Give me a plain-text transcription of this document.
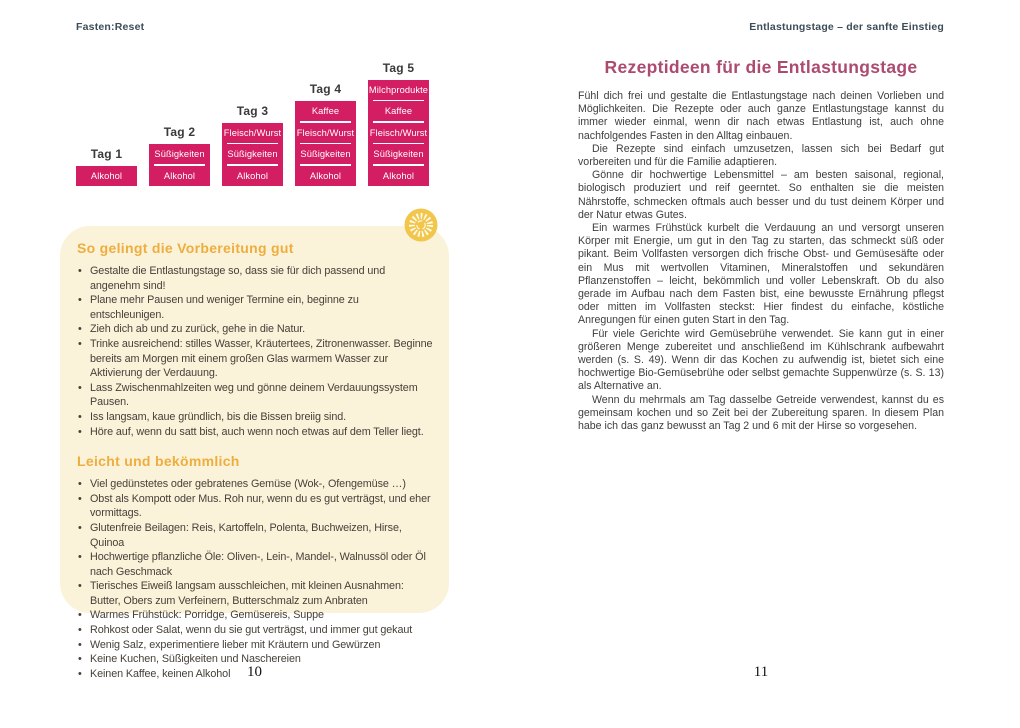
Fasten:Reset	Entlastungstage – der sanfte Einstieg
Tag 1
Alkohol
Tag 2
Süßigkeiten
Alkohol
Tag 3
Fleisch/Wurst
Süßigkeiten
Alkohol
Tag 4
Kaffee
Fleisch/Wurst
Süßigkeiten
Alkohol
Tag 5
Milchprodukte
Kaffee
Fleisch/Wurst
Süßigkeiten
Alkohol
So gelingt die Vorbereitung gut
• Gestalte die Entlastungstage so, dass sie für dich passend und angenehm sind!
• Plane mehr Pausen und weniger Termine ein, beginne zu entschleunigen.
• Zieh dich ab und zu zurück, gehe in die Natur.
• Trinke ausreichend: stilles Wasser, Kräutertees, Zitronenwasser. Beginne bereits am Morgen mit einem großen Glas warmem Wasser zur Aktivierung der Verdauung.
• Lass Zwischenmahlzeiten weg und gönne deinem Verdauungssystem Pausen.
• Iss langsam, kaue gründlich, bis die Bissen breiig sind.
• Höre auf, wenn du satt bist, auch wenn noch etwas auf dem Teller liegt.
Leicht und bekömmlich
• Viel gedünstetes oder gebratenes Gemüse (Wok-, Ofengemüse …)
• Obst als Kompott oder Mus. Roh nur, wenn du es gut verträgst, und eher vormittags.
• Glutenfreie Beilagen: Reis, Kartoffeln, Polenta, Buchweizen, Hirse, Quinoa
• Hochwertige pflanzliche Öle: Oliven-, Lein-, Mandel-, Walnussöl oder Öl nach Geschmack
• Tierisches Eiweiß langsam ausschleichen, mit kleinen Ausnahmen: Butter, Obers zum Verfeinern, Butterschmalz zum Anbraten
• Warmes Frühstück: Porridge, Gemüsereis, Suppe
• Rohkost oder Salat, wenn du sie gut verträgst, und immer gut gekaut
• Wenig Salz, experimentiere lieber mit Kräutern und Gewürzen
• Keine Kuchen, Süßigkeiten und Naschereien
• Keinen Kaffee, keinen Alkohol
Rezeptideen für die Entlastungstage

Fühl dich frei und gestalte die Entlastungstage nach deinen Vorlieben und Möglichkeiten. Die Rezepte oder auch ganze Entlastungstage kannst du immer wieder einmal, wenn dir nach etwas Entlastung ist, auch ohne nachfolgendes Fasten in den Alltag einbauen.

Die Rezepte sind einfach umzusetzen, lassen sich bei Bedarf gut vorbereiten und für die Familie adaptieren.

Gönne dir hochwertige Lebensmittel – am besten saisonal, regional, biologisch produziert und reif geerntet. So enthalten sie die meisten Nährstoffe, schmecken oftmals auch besser und du tust deinem Körper und der Natur etwas Gutes.

Ein warmes Frühstück kurbelt die Verdauung an und versorgt unseren Körper mit Energie, um gut in den Tag zu starten, das schmeckt süß oder pikant. Beim Vollfasten versorgen dich frische Obst- und Gemüsesäfte oder ein Mus mit wertvollen Vitaminen, Mineralstoffen und sekundären Pflanzenstoffen – leicht, bekömmlich und voller Lebenskraft. Ob du also gerade im Aufbau nach dem Fasten bist, eine bewusste Ernährung pflegst oder mitten im Vollfasten steckst: Hier findest du einfache, köstliche Anregungen für einen guten Start in den Tag.

Für viele Gerichte wird Gemüsebrühe verwendet. Sie kann gut in einer größeren Menge zubereitet und anschließend im Kühlschrank aufbewahrt werden (s. S. 49). Wenn dir das Kochen zu aufwendig ist, bietet sich eine hochwertige Bio-Gemüsebrühe oder selbst gemachte Suppenwürze (s. S. 13) als Alternative an.

Wenn du mehrmals am Tag dasselbe Getreide verwendest, kannst du es gemeinsam kochen und so Zeit bei der Zubereitung sparen. In diesem Plan habe ich das ganz bewusst an Tag 2 und 6 mit der Hirse so vorgesehen.

10	11
